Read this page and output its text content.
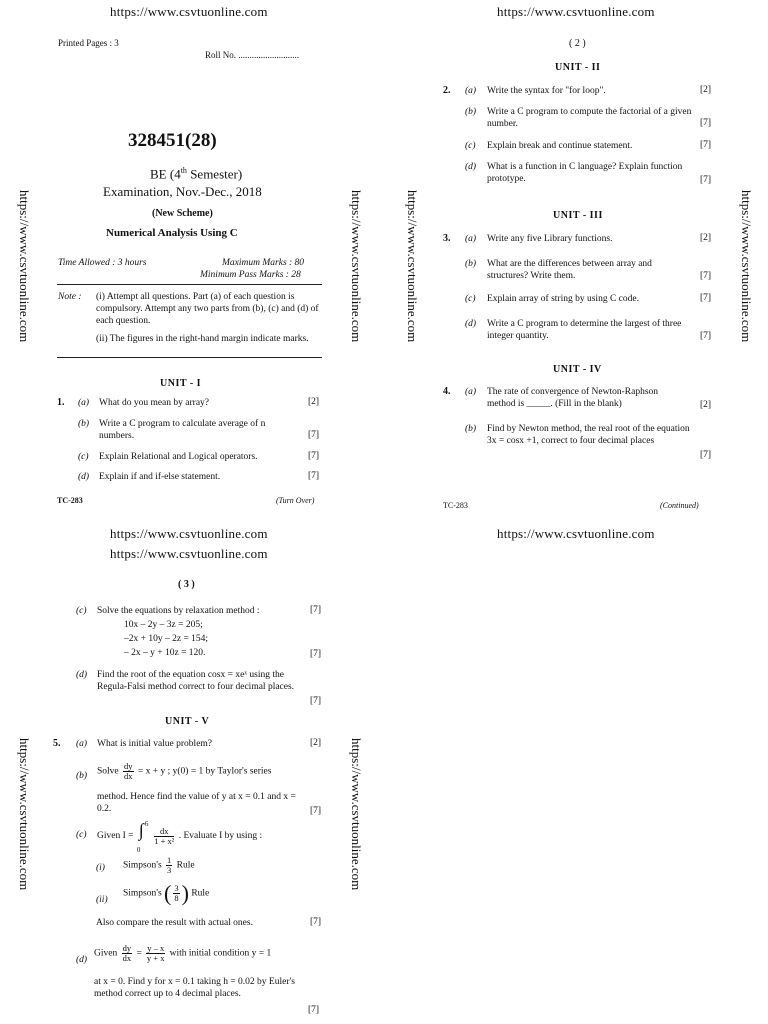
https://www.csvtuonline.com	https://www.csvtuonline.com
https://www.csvtuonline.com	https://www.csvtuonline.com	https://www.csvtuonline.com	https://www.csvtuonline.com
https://www.csvtuonline.com	https://www.csvtuonline.com
Printed Pages : 3
Roll No. ...........................
328451(28)
BE (4th Semester)
Examination, Nov.-Dec., 2018
(New Scheme)
Numerical Analysis Using C
Time Allowed : 3 hours	Maximum Marks : 80
Minimum Pass Marks : 28
Note : (i) Attempt all questions. Part (a) of each question is compulsory. Attempt any two parts from (b), (c) and (d) of each question.
(ii) The figures in the right-hand margin indicate marks.
UNIT - I
1. (a) What do you mean by array?	[2]
(b) Write a C program to calculate average of n numbers.	[7]
(c) Explain Relational and Logical operators.	[7]
(d) Explain if and if-else statement.	[7]
TC-283	(Turn Over)
( 2 )
UNIT - II
2. (a) Write the syntax for "for loop".	[2]
(b) Write a C program to compute the factorial of a given number.	[7]
(c) Explain break and continue statement.	[7]
(d) What is a function in C language? Explain function prototype.	[7]
UNIT - III
3. (a) Write any five Library functions.	[2]
(b) What are the differences between array and structures? Write them.	[7]
(c) Explain array of string by using C code.	[7]
(d) Write a C program to determine the largest of three integer quantity.	[7]
UNIT - IV
4. (a) The rate of convergence of Newton-Raphson method is _____. (Fill in the blank)	[2]
(b) Find by Newton method, the real root of the equation 3x = cosx +1, correct to four decimal places
[7]
TC-283	(Continued)
https://www.csvtuonline.com	https://www.csvtuonline.com
https://www.csvtuonline.com
( 3 )
(c) Solve the equations by relaxation method :	[7]
10x – 2y – 3z = 205;
–2x + 10y – 2z = 154;
– 2x – y + 10z = 120.	[7]
(d) Find the root of the equation cosx = xeˣ using the Regula-Falsi method correct to four decimal places.
[7]
UNIT - V
5. (a) What is initial value problem?	[2]
(b) Solve $\frac{dy}{dx} = x + y$ ; y(0) = 1 by Taylor's series
method. Hence find the value of y at x = 0.1 and x = 0.2.	[7]
(c) Given I = ∫ 6
0

$\frac{dx}{\text{1 + x²}}$ . Evaluate I by using :
(i) Simpson's $\frac{1}{3}$ Rule
(ii)
Simpson's ( $\frac{3}{8}$ ) Rule
Also compare the result with actual ones.	[7]
(d)
Given $\frac{dy}{dx} = \frac{y - x}{y + x}$ with initial condition y = 1
at x = 0. Find y for x = 0.1 taking h = 0.02 by Euler's method correct up to 4 decimal places.
[7]
